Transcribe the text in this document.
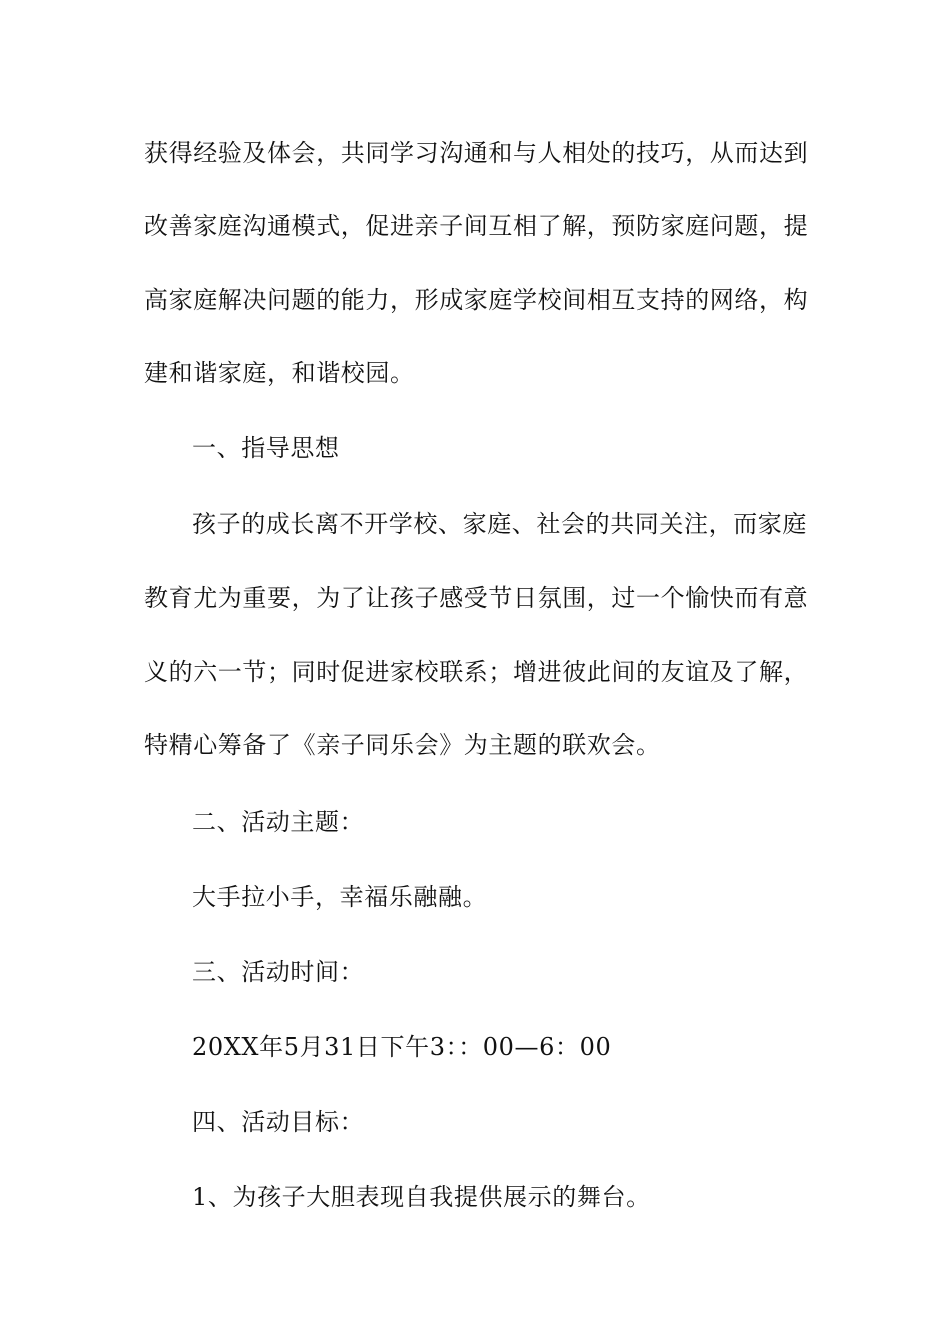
获得经验及体会，共同学习沟通和与人相处的技巧，从而达到
改善家庭沟通模式，促进亲子间互相了解，预防家庭问题，提
高家庭解决问题的能力，形成家庭学校间相互支持的网络，构
建和谐家庭，和谐校园。
一、指导思想
孩子的成长离不开学校、家庭、社会的共同关注，而家庭
教育尤为重要，为了让孩子感受节日氛围，过一个愉快而有意
义的六一节；同时促进家校联系；增进彼此间的友谊及了解，
特精心筹备了《亲子同乐会》为主题的联欢会。
二、活动主题：
大手拉小手，幸福乐融融。
三、活动时间：
20XX年5月31日下午3：：00—6：00
四、活动目标：
1、为孩子大胆表现自我提供展示的舞台。
